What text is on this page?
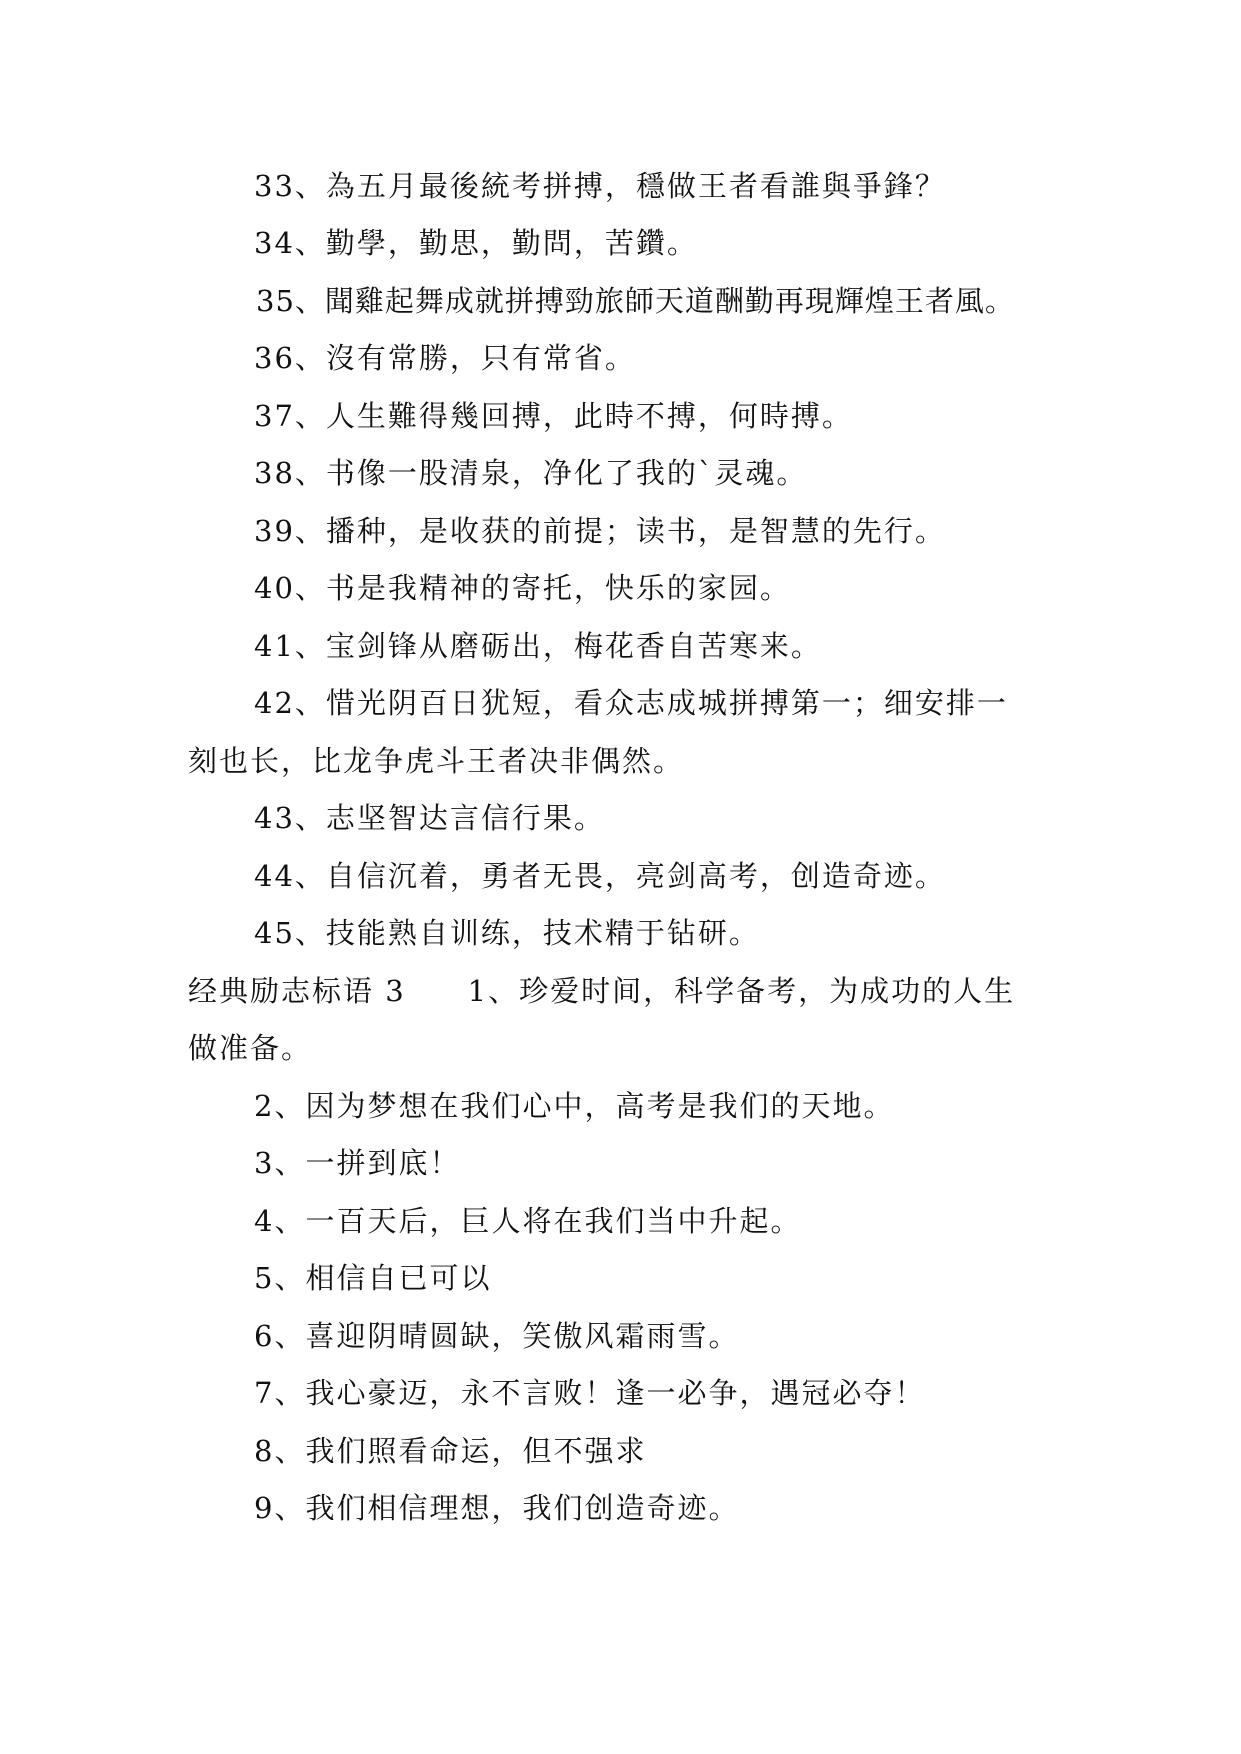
33、為五月最後統考拼搏，穩做王者看誰與爭鋒？
34、勤學，勤思，勤問，苦鑽。
35、聞雞起舞成就拼搏勁旅師天道酬勤再現輝煌王者風。
36、沒有常勝，只有常省。
37、人生難得幾回搏，此時不搏，何時搏。
38、书像一股清泉，净化了我的`灵魂。
39、播种，是收获的前提；读书，是智慧的先行。
40、书是我精神的寄托，快乐的家园。
41、宝剑锋从磨砺出，梅花香自苦寒来。
42、惜光阴百日犹短，看众志成城拼搏第一；细安排一
刻也长，比龙争虎斗王者决非偶然。
43、志坚智达言信行果。
44、自信沉着，勇者无畏，亮剑高考，创造奇迹。
45、技能熟自训练，技术精于钻研。
经典励志标语 3　　1、珍爱时间，科学备考，为成功的人生
做准备。
2、因为梦想在我们心中，高考是我们的天地。
3、一拼到底！
4、一百天后，巨人将在我们当中升起。
5、相信自已可以
6、喜迎阴晴圆缺，笑傲风霜雨雪。
7、我心豪迈，永不言败！逢一必争，遇冠必夺！
8、我们照看命运，但不强求
9、我们相信理想，我们创造奇迹。
